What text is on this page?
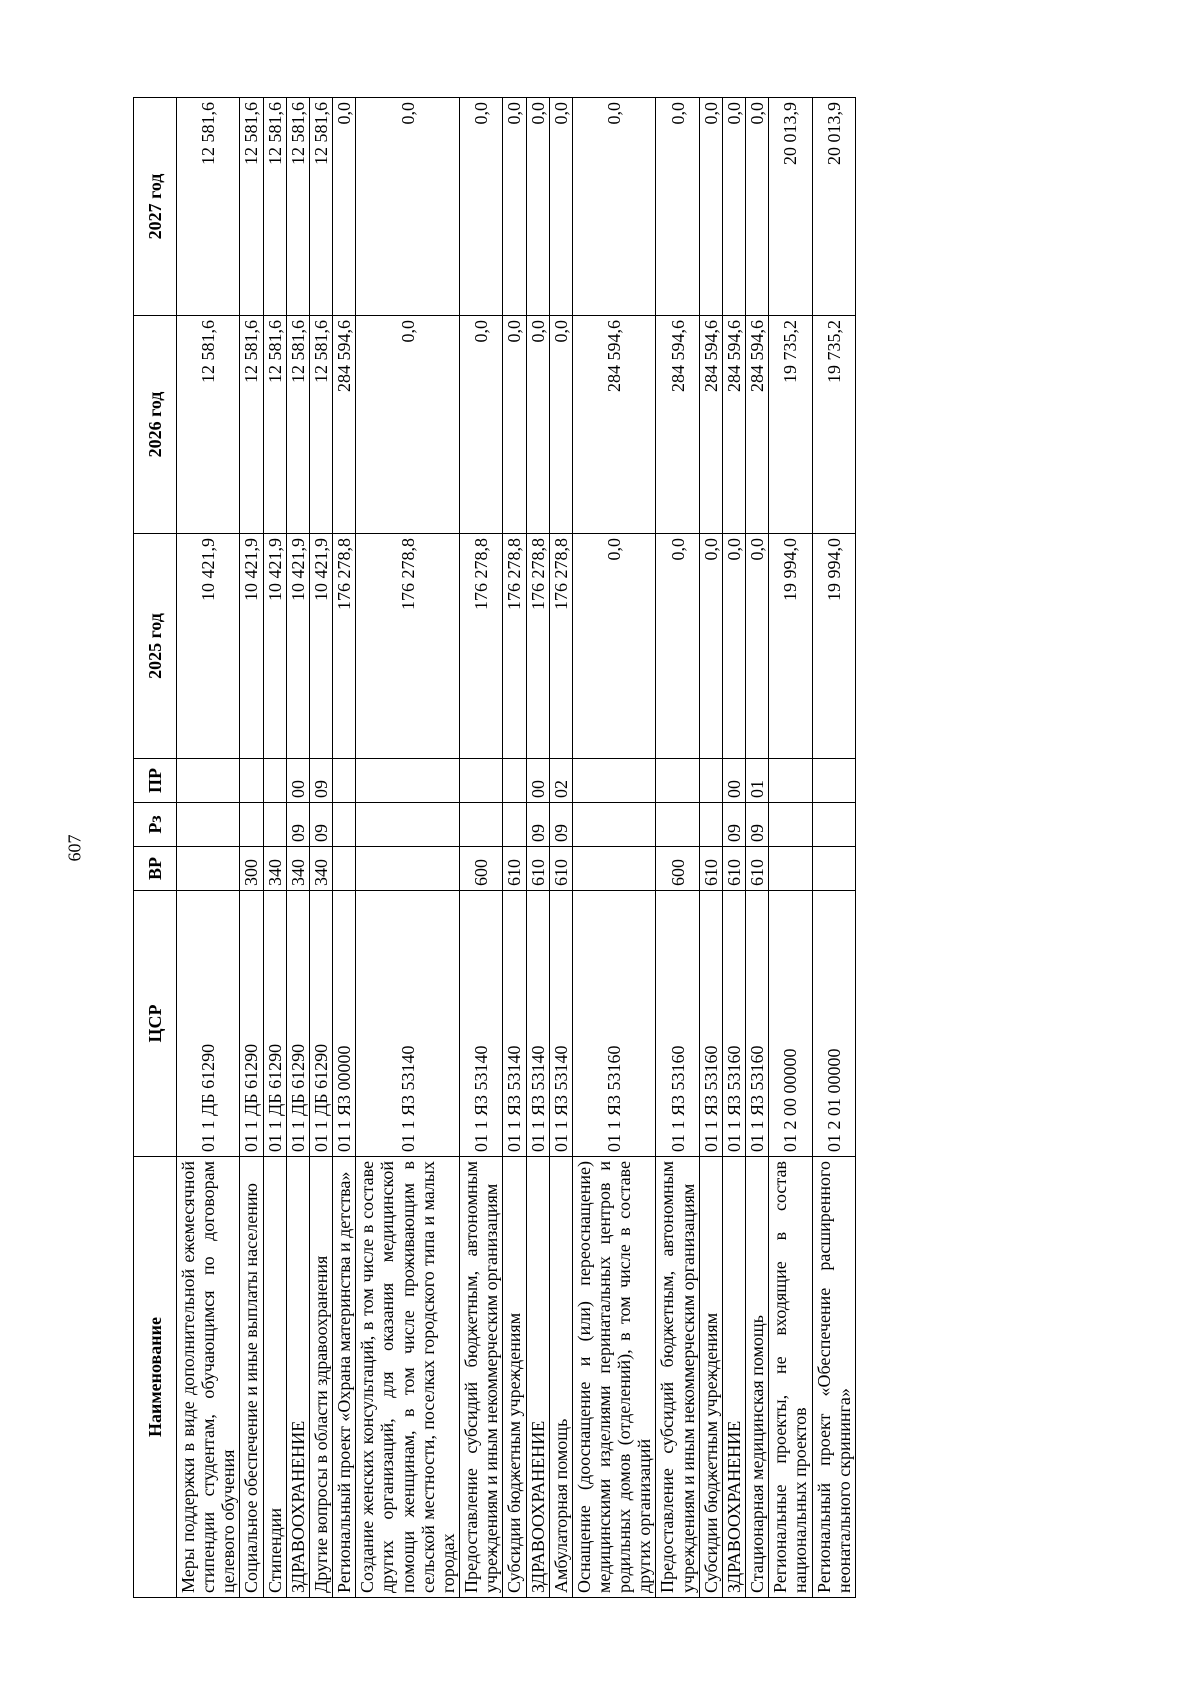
607
Наименование	ЦСР	ВР	Рз	ПР	2025 год	2026 год	2027 год
Меры поддержки в виде дополнительной ежемесячной стипендии студентам, обучающимся по договорам целевого обучения	01 1 ДБ 61290				10 421,9	12 581,6	12 581,6
Социальное обеспечение и иные выплаты населению	01 1 ДБ 61290	300			10 421,9	12 581,6	12 581,6
Стипендии	01 1 ДБ 61290	340			10 421,9	12 581,6	12 581,6
ЗДРАВООХРАНЕНИЕ	01 1 ДБ 61290	340	09	00	10 421,9	12 581,6	12 581,6
Другие вопросы в области здравоохранения	01 1 ДБ 61290	340	09	09	10 421,9	12 581,6	12 581,6
Региональный проект «Охрана материнства и детства»	01 1 Я3 00000				176 278,8	284 594,6	0,0
Создание женских консультаций, в том числе в составе других организаций, для оказания медицинской помощи женщинам, в том числе проживающим в сельской местности, поселках городского типа и малых городах	01 1 Я3 53140				176 278,8	0,0	0,0
Предоставление субсидий бюджетным, автономным учреждениям и иным некоммерческим организациям	01 1 Я3 53140	600			176 278,8	0,0	0,0
Субсидии бюджетным учреждениям	01 1 Я3 53140	610			176 278,8	0,0	0,0
ЗДРАВООХРАНЕНИЕ	01 1 Я3 53140	610	09	00	176 278,8	0,0	0,0
Амбулаторная помощь	01 1 Я3 53140	610	09	02	176 278,8	0,0	0,0
Оснащение (дооснащение и (или) переоснащение) медицинскими изделиями перинатальных центров и родильных домов (отделений), в том числе в составе других организаций	01 1 Я3 53160				0,0	284 594,6	0,0
Предоставление субсидий бюджетным, автономным учреждениям и иным некоммерческим организациям	01 1 Я3 53160	600			0,0	284 594,6	0,0
Субсидии бюджетным учреждениям	01 1 Я3 53160	610			0,0	284 594,6	0,0
ЗДРАВООХРАНЕНИЕ	01 1 Я3 53160	610	09	00	0,0	284 594,6	0,0
Стационарная медицинская помощь	01 1 Я3 53160	610	09	01	0,0	284 594,6	0,0
Региональные проекты, не входящие в состав национальных проектов	01 2 00 00000				19 994,0	19 735,2	20 013,9
Региональный проект «Обеспечение расширенного неонатального скрининга»	01 2 01 00000				19 994,0	19 735,2	20 013,9
